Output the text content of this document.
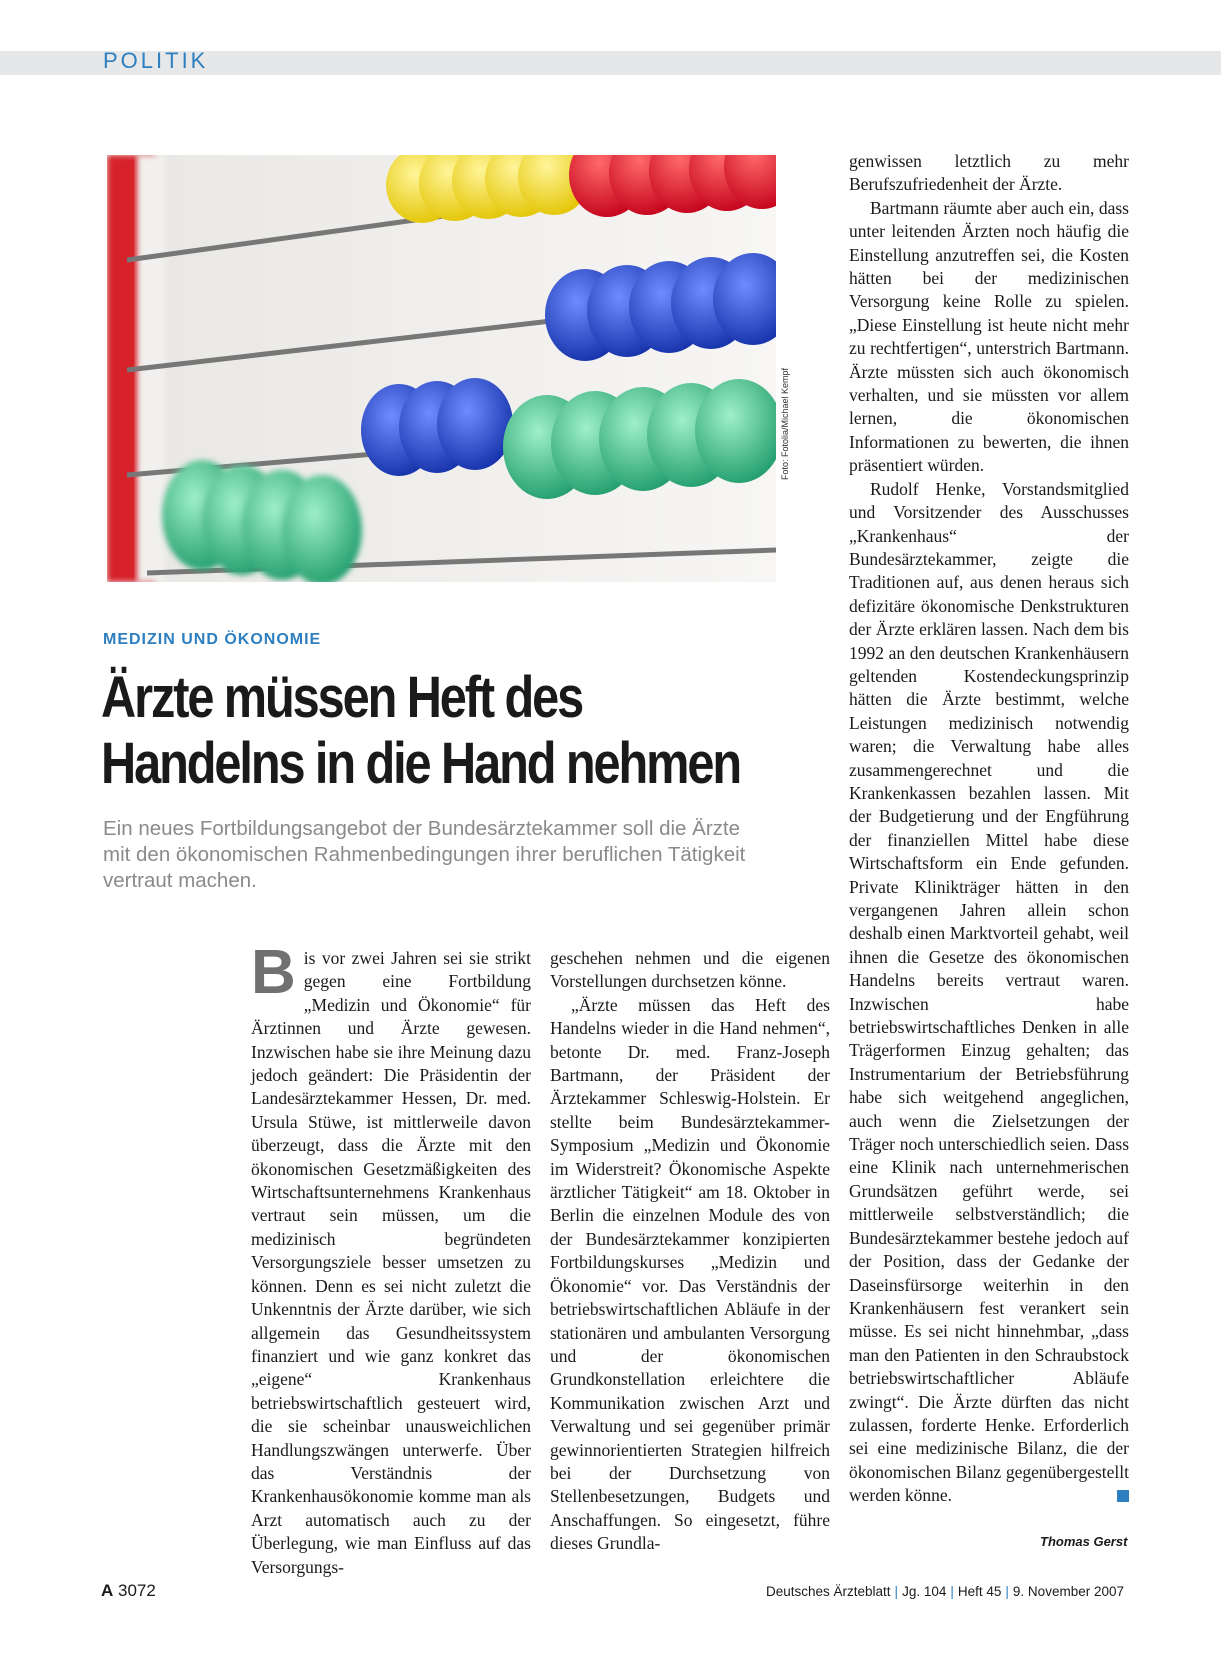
POLITIK
Foto: Fotolia/Michael Kempf
MEDIZIN UND ÖKONOMIE
Ärzte müssen Heft des
Handelns in die Hand nehmen
Ein neues Fortbildungsangebot der Bundesärztekammer soll die Ärzte mit den ökonomischen Rahmenbedingungen ihrer beruflichen Tätigkeit vertraut machen.

Bis vor zwei Jahren sei sie strikt gegen eine Fortbildung „Medizin und Ökonomie“ für Ärztinnen und Ärzte gewesen. Inzwischen habe sie ihre Meinung dazu jedoch geändert: Die Präsidentin der Landesärztekammer Hessen, Dr. med. Ursula Stüwe, ist mittlerweile davon überzeugt, dass die Ärzte mit den ökonomischen Gesetzmäßigkeiten des Wirtschaftsunternehmens Krankenhaus vertraut sein müssen, um die medizinisch begründeten Versorgungsziele besser umsetzen zu können. Denn es sei nicht zuletzt die Unkenntnis der Ärzte darüber, wie sich allgemein das Gesundheitssystem finanziert und wie ganz konkret das „eigene“ Krankenhaus betriebswirtschaftlich gesteuert wird, die sie scheinbar unausweichlichen Handlungszwängen unterwerfe. Über das Verständnis der Krankenhausökonomie komme man als Arzt automatisch auch zu der Überlegung, wie man Einfluss auf das Versorgungs-

geschehen nehmen und die eigenen Vorstellungen durchsetzen könne.

„Ärzte müssen das Heft des Handelns wieder in die Hand nehmen“, betonte Dr. med. Franz-Joseph Bartmann, der Präsident der Ärztekammer Schleswig-Holstein. Er stellte beim Bundesärztekammer-Symposium „Medizin und Ökonomie im Widerstreit? Ökonomische Aspekte ärztlicher Tätigkeit“ am 18. Oktober in Berlin die einzelnen Module des von der Bundesärztekammer konzipierten Fortbildungskurses „Medizin und Ökonomie“ vor. Das Verständnis der betriebswirtschaftlichen Abläufe in der stationären und ambulanten Versorgung und der ökonomischen Grundkonstellation erleichtere die Kommunikation zwischen Arzt und Verwaltung und sei gegenüber primär gewinnorientierten Strategien hilfreich bei der Durchsetzung von Stellenbesetzungen, Budgets und Anschaffungen. So eingesetzt, führe dieses Grundla-

genwissen letztlich zu mehr Berufszufriedenheit der Ärzte.

Bartmann räumte aber auch ein, dass unter leitenden Ärzten noch häufig die Einstellung anzutreffen sei, die Kosten hätten bei der medizinischen Versorgung keine Rolle zu spielen. „Diese Einstellung ist heute nicht mehr zu rechtfertigen“, unterstrich Bartmann. Ärzte müssten sich auch ökonomisch verhalten, und sie müssten vor allem lernen, die ökonomischen Informationen zu bewerten, die ihnen präsentiert würden.

Rudolf Henke, Vorstandsmitglied und Vorsitzender des Ausschusses „Krankenhaus“ der Bundesärztekammer, zeigte die Traditionen auf, aus denen heraus sich defizitäre ökonomische Denkstrukturen der Ärzte erklären lassen. Nach dem bis 1992 an den deutschen Krankenhäusern geltenden Kostendeckungsprinzip hätten die Ärzte bestimmt, welche Leistungen medizinisch notwendig waren; die Verwaltung habe alles zusammengerechnet und die Krankenkassen bezahlen lassen. Mit der Budgetierung und der Engführung der finanziellen Mittel habe diese Wirtschaftsform ein Ende gefunden. Private Klinikträger hätten in den vergangenen Jahren allein schon deshalb einen Marktvorteil gehabt, weil ihnen die Gesetze des ökonomischen Handelns bereits vertraut waren. Inzwischen habe betriebswirtschaftliches Denken in alle Trägerformen Einzug gehalten; das Instrumentarium der Betriebsführung habe sich weitgehend angeglichen, auch wenn die Zielsetzungen der Träger noch unterschiedlich seien. Dass eine Klinik nach unternehmerischen Grundsätzen geführt werde, sei mittlerweile selbstverständlich; die Bundesärztekammer bestehe jedoch auf der Position, dass der Gedanke der Daseinsfürsorge weiterhin in den Krankenhäusern fest verankert sein müsse. Es sei nicht hinnehmbar, „dass man den Patienten in den Schraubstock betriebswirtschaftlicher Abläufe zwingt“. Die Ärzte dürften das nicht zulassen, forderte Henke. Erforderlich sei eine medizinische Bilanz, die der ökonomischen Bilanz gegenübergestellt werden könne.

Thomas Gerst
A 3072	Deutsches Ärzteblatt | Jg. 104 | Heft 45 | 9. November 2007
